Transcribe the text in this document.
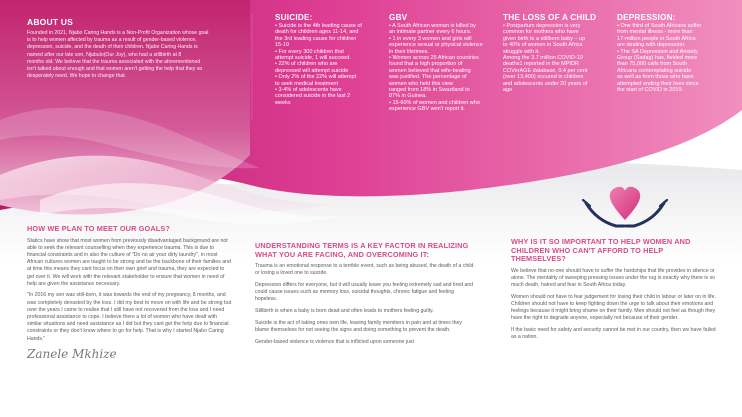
ABOUT US

Founded in 2021, Njabo Caring Hands is a Non-Profit Organization whose goal
is to help women affected by trauma as a result of gender-based violence,
depression, suicide, and the death of their children. Njabo Caring Hands is
named after our late son, Njabulo(Our Joy), who had a stillbirth at 8
months old. We believe that the trauma associated with the aforementioned
isn't talked about enough and that women aren't getting the help that they so
desperately need. We hope to change that.

SUICIDE:
• Suicide is the 4th leading cause of
death for children ages 11-14, and
the 3rd leading cause for children
15-19
• For every 300 children that
attempt suicide, 1 will succeed.
• 22% of children who are
depressed will attempt suicide
• Only 2% of the 22% will attempt
to seek medical treatment
• 3-4% of adolescents have
considered suicide in the last 2
weeks
GBV
• A South African woman is killed by
an intimate partner every 6 hours.
• 1 in every 3 women and girls will
experience sexual or physical violence
in their lifetimes.
• Women across 25 African countries
found that a high proportion of
women believed that wife-beating
was justified. The percentage of
women who held this view
ranged from 18% in Swaziland to
87% in Guinea.
• 15-60% of women and children who
experience GBV won't report it.
THE LOSS OF A CHILD
• Postpartum depression is very
common for mothers who have
given birth to a stillborn baby – up
to 40% of women in South Africa
struggle with it.
Among the 3.7 million COVID-19
deaths1 reported in the MPIDR
COVerAGE database, 0.4 per cent
(over 13,400) occured in children
and adolescents under 20 years of
age
DEPRESSION:
• One third of South Africans suffer
from mental illness - more than
17-million people in South Africa
are dealing with depression.
• The SA Depression and Anxiety
Group (Sadag) has, fielded more
than 75,000 calls from South
Africans contemplating suicide
as well as from those who have
attempted ending their lives since
the start of COVID in 2019.
HOW WE PLAN TO MEET OUR GOALS?

Statics have show that most women from previously disadvantaged background are not able to seek the relevant counselling when they experience trauma. This is due to financial constraints and in also the culture of "Do no air your dirty laundry", in most African cultures women are taught to be strong and be the backbone of their families and at time this means they cant focus on their own grief and trauma, they are expected to get over it. We will work with the relevant stakeholder to ensure that women in need of help are given the assistance necessary.

"In 2016 my son was still-born, it was towards the end of my pregnancy, 8 months, and was completely devasted by the loss. I did my best to move on with life and be strong but over the years I came to realise that I still have not recovered from the loss and I need professional assistance to cope. I believe there a lot of women who have dealt with similar situations and need assistance as I did but they cant get the help due to financial constraints or they don't know where to go for help. That is why I started Njabo Caring Hands."

Zanele Mkhize
UNDERSTANDING TERMS IS A KEY FACTOR IN REALIZING WHAT YOU ARE FACING, AND OVERCOMING IT:

Trauma is an emotional response to a terrible event, such as being abused, the death of a child or losing a loved one to suicide.

Depression differs for everyone, but it will usually leave you feeling extremely sad and tired and could cause issues such as memory loss, suicidal thoughts, chronic fatigue and feeling hopeless.

Stillbirth is when a baby is born dead and often leads to mothers feeling guilty.

Suicide is the act of taking ones own life, leaving family members in pain and at times they blame themselves for not seeing the signs and doing something to prevent the death.

Gender-based violence is violence that is inflicted upon someone just

WHY IS IT SO IMPORTANT TO HELP WOMEN AND CHILDREN WHO CAN'T AFFORD TO HELP THEMSELVES?

We believe that no-one should have to suffer the hardships that life provides in silence or alone. The mentality of sweeping pressing issues under the rug is exactly why there is so much death, hatred and fear in South Africa today.

Women should not have to fear judgement for losing their child in labour or later on in life. Children should not have to keep fighting down the urge to talk about their emotions and feelings because it might bring shame on their family. Men should not feel as though they have the right to degrade anyone, especially not because of their gender.

If the basic need for safety and security cannot be met in our country, then we have failed as a nation.
